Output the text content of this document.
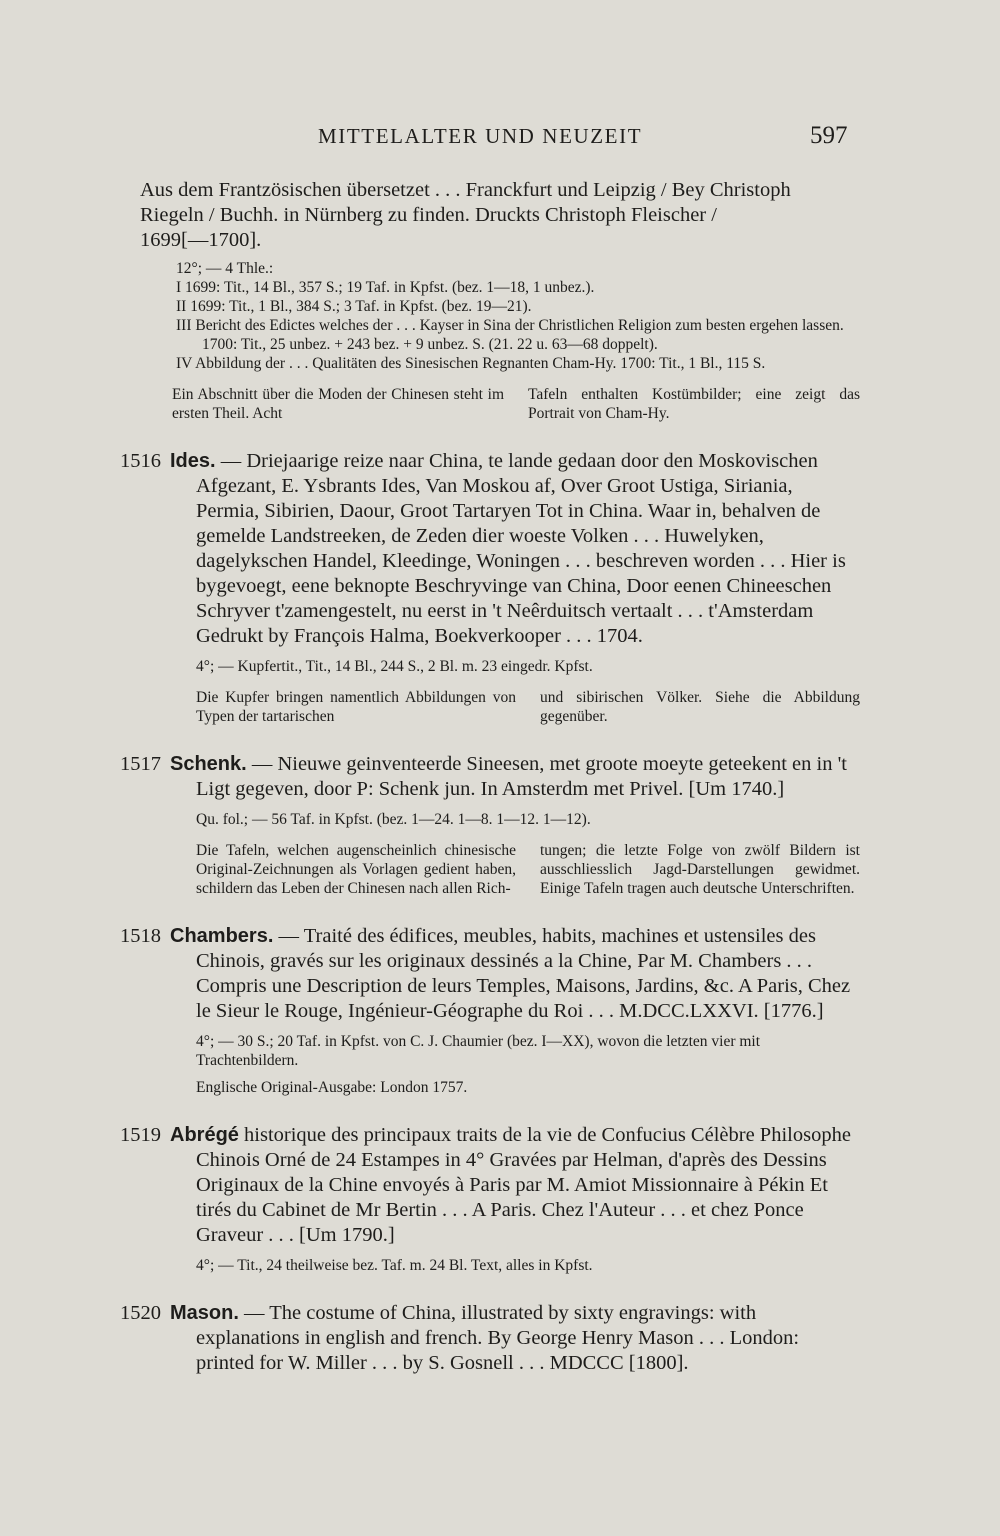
MITTELALTER UND NEUZEIT	597
Aus dem Frantzösischen übersetzet . . . Franckfurt und Leipzig / Bey Christoph
Riegeln / Buchh. in Nürnberg zu finden. Druckts Christoph Fleischer /
1699[—1700].
12°; — 4 Thle.:
I 1699: Tit., 14 Bl., 357 S.; 19 Taf. in Kpfst. (bez. 1—18, 1 unbez.).
II 1699: Tit., 1 Bl., 384 S.; 3 Taf. in Kpfst. (bez. 19—21).
III Bericht des Edictes welches der . . . Kayser in Sina der Christlichen Religion zum besten ergehen lassen. 1700: Tit., 25 unbez. + 243 bez. + 9 unbez. S. (21. 22 u. 63—68 doppelt).
IV Abbildung der . . . Qualitäten des Sinesischen Regnanten Cham-Hy. 1700: Tit., 1 Bl., 115 S.

Ein Abschnitt über die Moden der Chinesen steht im ersten Theil. Acht

Tafeln enthalten Kostümbilder; eine zeigt das Portrait von Cham-Hy.

1516 Ides. — Driejaarige reize naar China, te lande gedaan door den Moskovischen Afgezant, E. Ysbrants Ides, Van Moskou af, Over Groot Ustiga, Siriania, Permia, Sibirien, Daour, Groot Tartaryen Tot in China. Waar in, behalven de gemelde Landstreeken, de Zeden dier woeste Volken . . . Huwelyken, dagelykschen Handel, Kleedinge, Woningen . . . beschreven worden . . . Hier is bygevoegt, eene beknopte Beschryvinge van China, Door eenen Chineeschen Schryver t'zamengestelt, nu eerst in 't Neêrduitsch vertaalt . . . t'Amsterdam Gedrukt by François Halma, Boekverkooper . . . 1704.
4°; — Kupfertit., Tit., 14 Bl., 244 S., 2 Bl. m. 23 eingedr. Kpfst.

Die Kupfer bringen namentlich Abbildungen von Typen der tartarischen

und sibirischen Völker. Siehe die Abbildung gegenüber.

1517 Schenk. — Nieuwe geinventeerde Sineesen, met groote moeyte geteekent en in 't Ligt gegeven, door P: Schenk jun. In Amsterdm met Privel. [Um 1740.]
Qu. fol.; — 56 Taf. in Kpfst. (bez. 1—24. 1—8. 1—12. 1—12).

Die Tafeln, welchen augenscheinlich chinesische Original-Zeichnungen als Vorlagen gedient haben, schildern das Leben der Chinesen nach allen Rich-

tungen; die letzte Folge von zwölf Bildern ist ausschliesslich Jagd-Darstellungen gewidmet. Einige Tafeln tragen auch deutsche Unterschriften.

1518 Chambers. — Traité des édifices, meubles, habits, machines et ustensiles des Chinois, gravés sur les originaux dessinés a la Chine, Par M. Chambers . . . Compris une Description de leurs Temples, Maisons, Jardins, &c. A Paris, Chez le Sieur le Rouge, Ingénieur-Géographe du Roi . . . M.DCC.LXXVI. [1776.]
4°; — 30 S.; 20 Taf. in Kpfst. von C. J. Chaumier (bez. I—XX), wovon die letzten vier mit Trachtenbildern.
Englische Original-Ausgabe: London 1757.
1519 Abrégé historique des principaux traits de la vie de Confucius Célèbre Philosophe Chinois Orné de 24 Estampes in 4° Gravées par Helman, d'après des Dessins Originaux de la Chine envoyés à Paris par M. Amiot Missionnaire à Pékin Et tirés du Cabinet de Mr Bertin . . . A Paris. Chez l'Auteur . . . et chez Ponce Graveur . . . [Um 1790.]
4°; — Tit., 24 theilweise bez. Taf. m. 24 Bl. Text, alles in Kpfst.
1520 Mason. — The costume of China, illustrated by sixty engravings: with explanations in english and french. By George Henry Mason . . . London: printed for W. Miller . . . by S. Gosnell . . . MDCCC [1800].
